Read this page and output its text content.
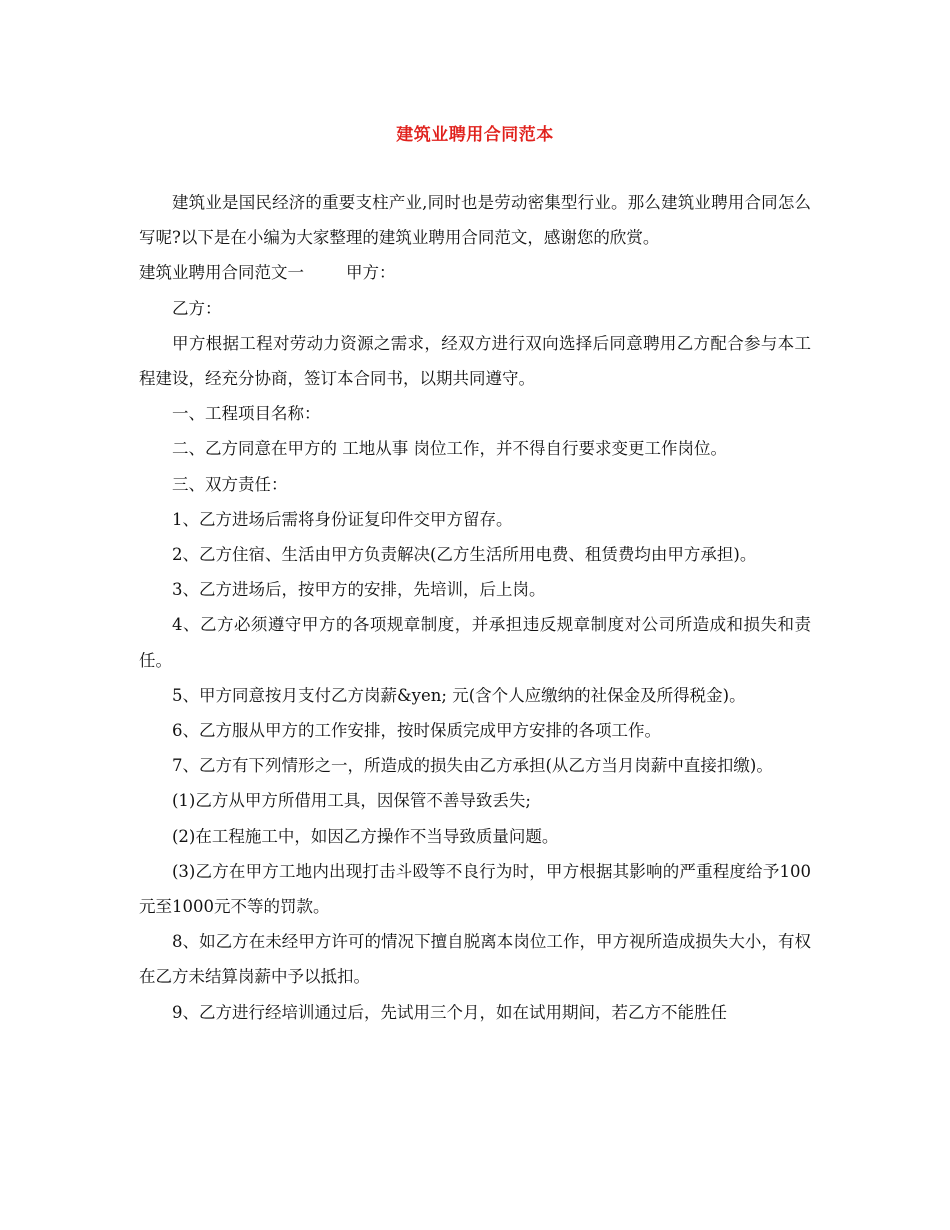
建筑业聘用合同范本

建筑业是国民经济的重要支柱产业,同时也是劳动密集型行业。那么建筑业聘用合同怎么写呢?以下是在小编为大家整理的建筑业聘用合同范文，感谢您的欣赏。

建筑业聘用合同范文一	甲方：

乙方：

甲方根据工程对劳动力资源之需求，经双方进行双向选择后同意聘用乙方配合参与本工程建设，经充分协商，签订本合同书，以期共同遵守。

一、工程项目名称：

二、乙方同意在甲方的 工地从事 岗位工作，并不得自行要求变更工作岗位。

三、双方责任：

1、乙方进场后需将身份证复印件交甲方留存。

2、乙方住宿、生活由甲方负责解决(乙方生活所用电费、租赁费均由甲方承担)。

3、乙方进场后，按甲方的安排，先培训，后上岗。

4、乙方必须遵守甲方的各项规章制度，并承担违反规章制度对公司所造成和损失和责任。

5、甲方同意按月支付乙方岗薪&yen; 元(含个人应缴纳的社保金及所得税金)。

6、乙方服从甲方的工作安排，按时保质完成甲方安排的各项工作。

7、乙方有下列情形之一，所造成的损失由乙方承担(从乙方当月岗薪中直接扣缴)。

(1)乙方从甲方所借用工具，因保管不善导致丢失;

(2)在工程施工中，如因乙方操作不当导致质量问题。

(3)乙方在甲方工地内出现打击斗殴等不良行为时，甲方根据其影响的严重程度给予100元至1000元不等的罚款。

8、如乙方在未经甲方许可的情况下擅自脱离本岗位工作，甲方视所造成损失大小，有权在乙方未结算岗薪中予以抵扣。

9、乙方进行经培训通过后，先试用三个月，如在试用期间，若乙方不能胜任
